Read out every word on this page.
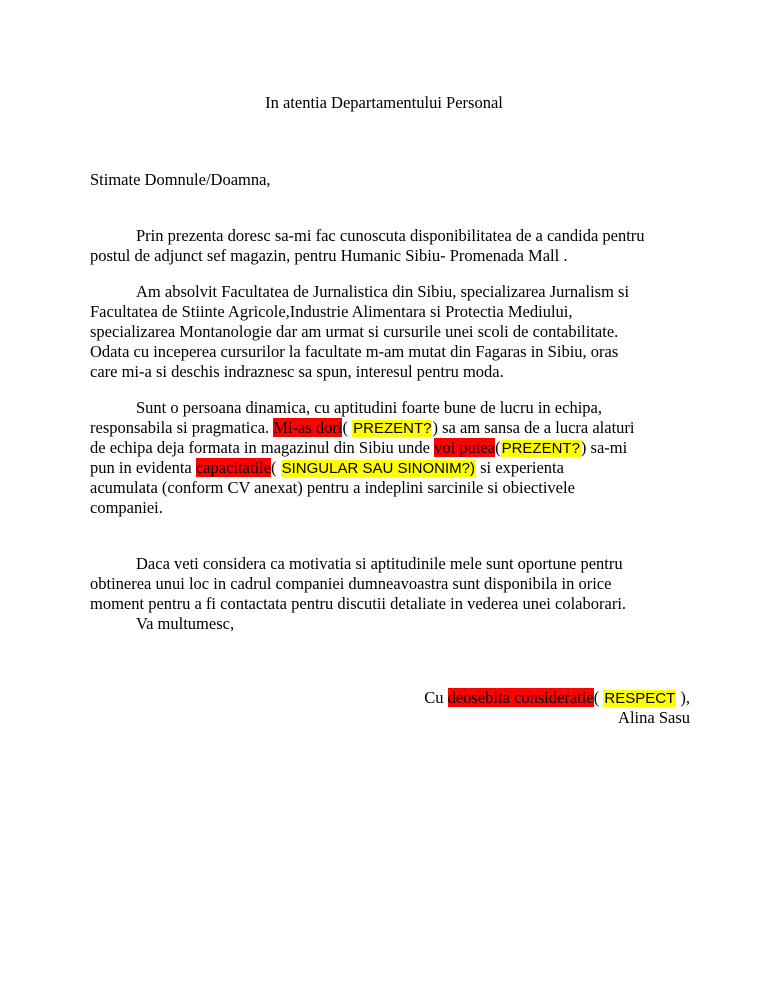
In atentia Departamentului Personal
Stimate Domnule/Doamna,
Prin prezenta doresc sa-mi fac cunoscuta disponibilitatea de a candida pentru
postul de adjunct sef magazin, pentru Humanic Sibiu- Promenada Mall .
Am absolvit Facultatea de Jurnalistica din Sibiu, specializarea Jurnalism si
Facultatea de Stiinte Agricole,Industrie Alimentara si Protectia Mediului,
specializarea Montanologie dar am urmat si cursurile unei scoli de contabilitate.
Odata cu inceperea cursurilor la facultate m-am mutat din Fagaras in Sibiu, oras
care mi-a si deschis indraznesc sa spun, interesul pentru moda.
Sunt o persoana dinamica, cu aptitudini foarte bune de lucru in echipa,
responsabila si pragmatica. Mi-as dori( PREZENT?) sa am sansa de a lucra alaturi
de echipa deja formata in magazinul din Sibiu unde voi putea(PREZENT?) sa-mi
pun in evidenta capacitatile( SINGULAR SAU SINONIM?) si experienta
acumulata (conform CV anexat) pentru a indeplini sarcinile si obiectivele
companiei.
Daca veti considera ca motivatia si aptitudinile mele sunt oportune pentru
obtinerea unui loc in cadrul companiei dumneavoastra sunt disponibila in orice
moment pentru a fi contactata pentru discutii detaliate in vederea unei colaborari.
Va multumesc,
Cu deosebita consideratie( RESPECT ),
Alina Sasu
